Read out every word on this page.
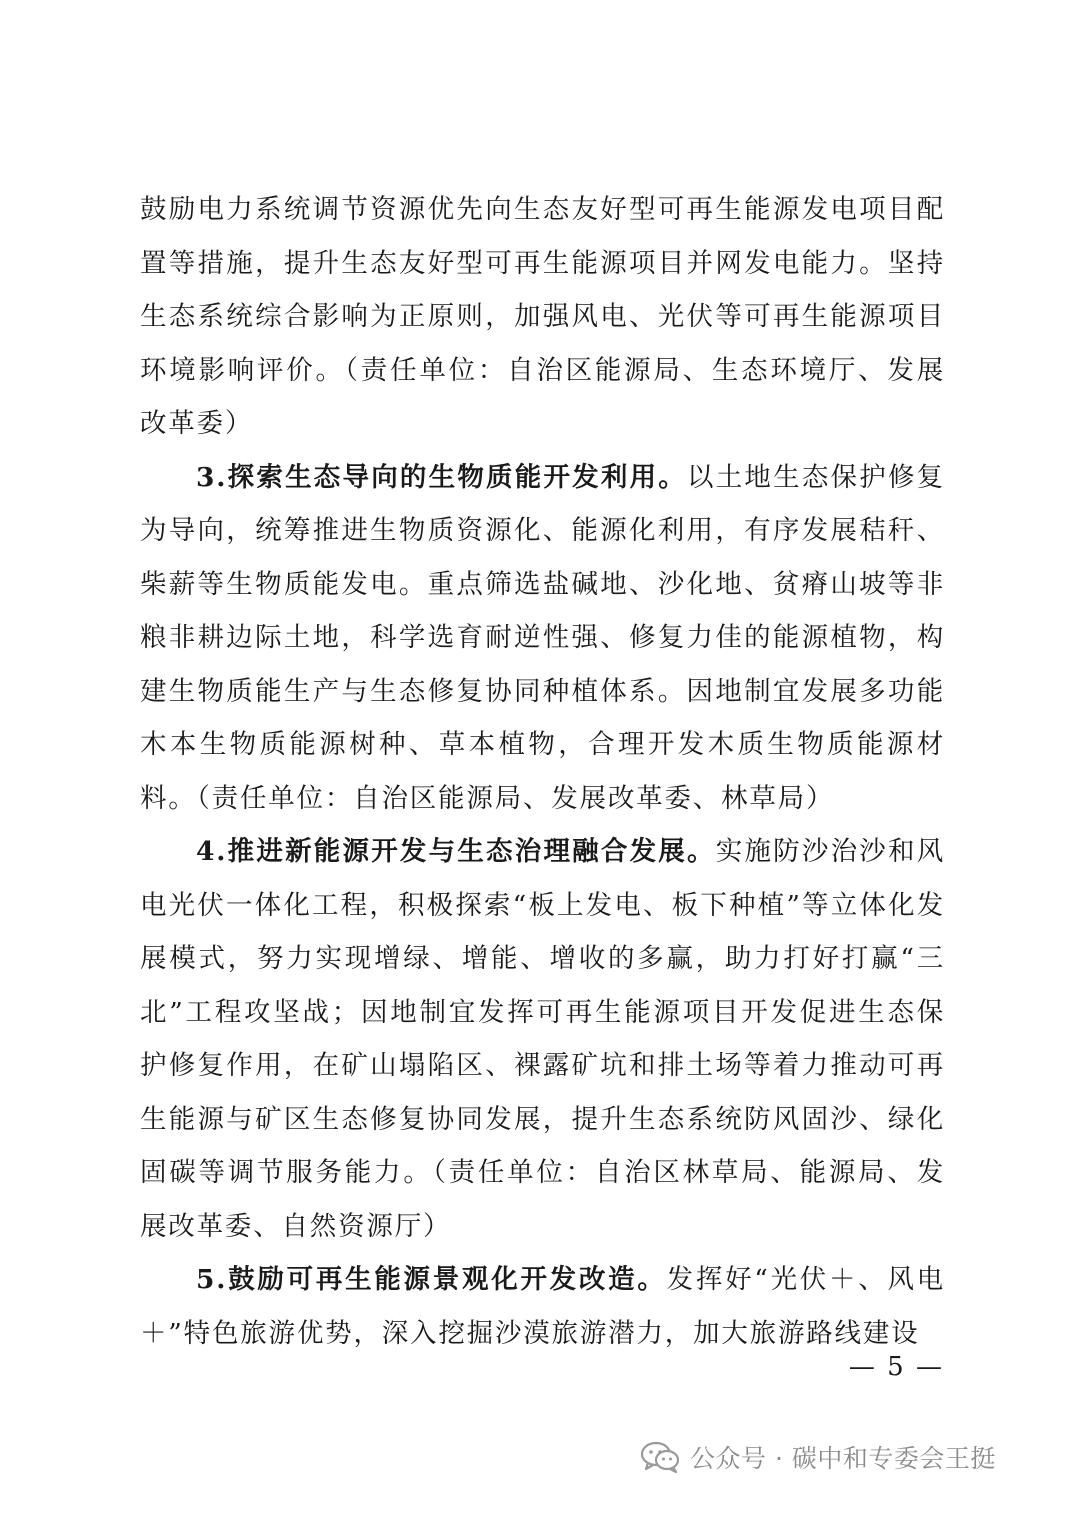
鼓励电力系统调节资源优先向生态友好型可再生能源发电项目配置等措施，提升生态友好型可再生能源项目并网发电能力。坚持生态系统综合影响为正原则，加强风电、光伏等可再生能源项目环境影响评价。（责任单位：自治区能源局、生态环境厅、发展改革委）

3.探索生态导向的生物质能开发利用。以土地生态保护修复为导向，统筹推进生物质资源化、能源化利用，有序发展秸秆、柴薪等生物质能发电。重点筛选盐碱地、沙化地、贫瘠山坡等非粮非耕边际土地，科学选育耐逆性强、修复力佳的能源植物，构建生物质能生产与生态修复协同种植体系。因地制宜发展多功能木本生物质能源树种、草本植物，合理开发木质生物质能源材料。（责任单位：自治区能源局、发展改革委、林草局）

4.推进新能源开发与生态治理融合发展。实施防沙治沙和风电光伏一体化工程，积极探索“板上发电、板下种植”等立体化发展模式，努力实现增绿、增能、增收的多赢，助力打好打赢“三北”工程攻坚战；因地制宜发挥可再生能源项目开发促进生态保护修复作用，在矿山塌陷区、裸露矿坑和排土场等着力推动可再生能源与矿区生态修复协同发展，提升生态系统防风固沙、绿化固碳等调节服务能力。（责任单位：自治区林草局、能源局、发展改革委、自然资源厅）

5.鼓励可再生能源景观化开发改造。发挥好“光伏＋、风电＋”特色旅游优势，深入挖掘沙漠旅游潜力，加大旅游路线建设

— 5 —
公众号 · 碳中和专委会王挺
